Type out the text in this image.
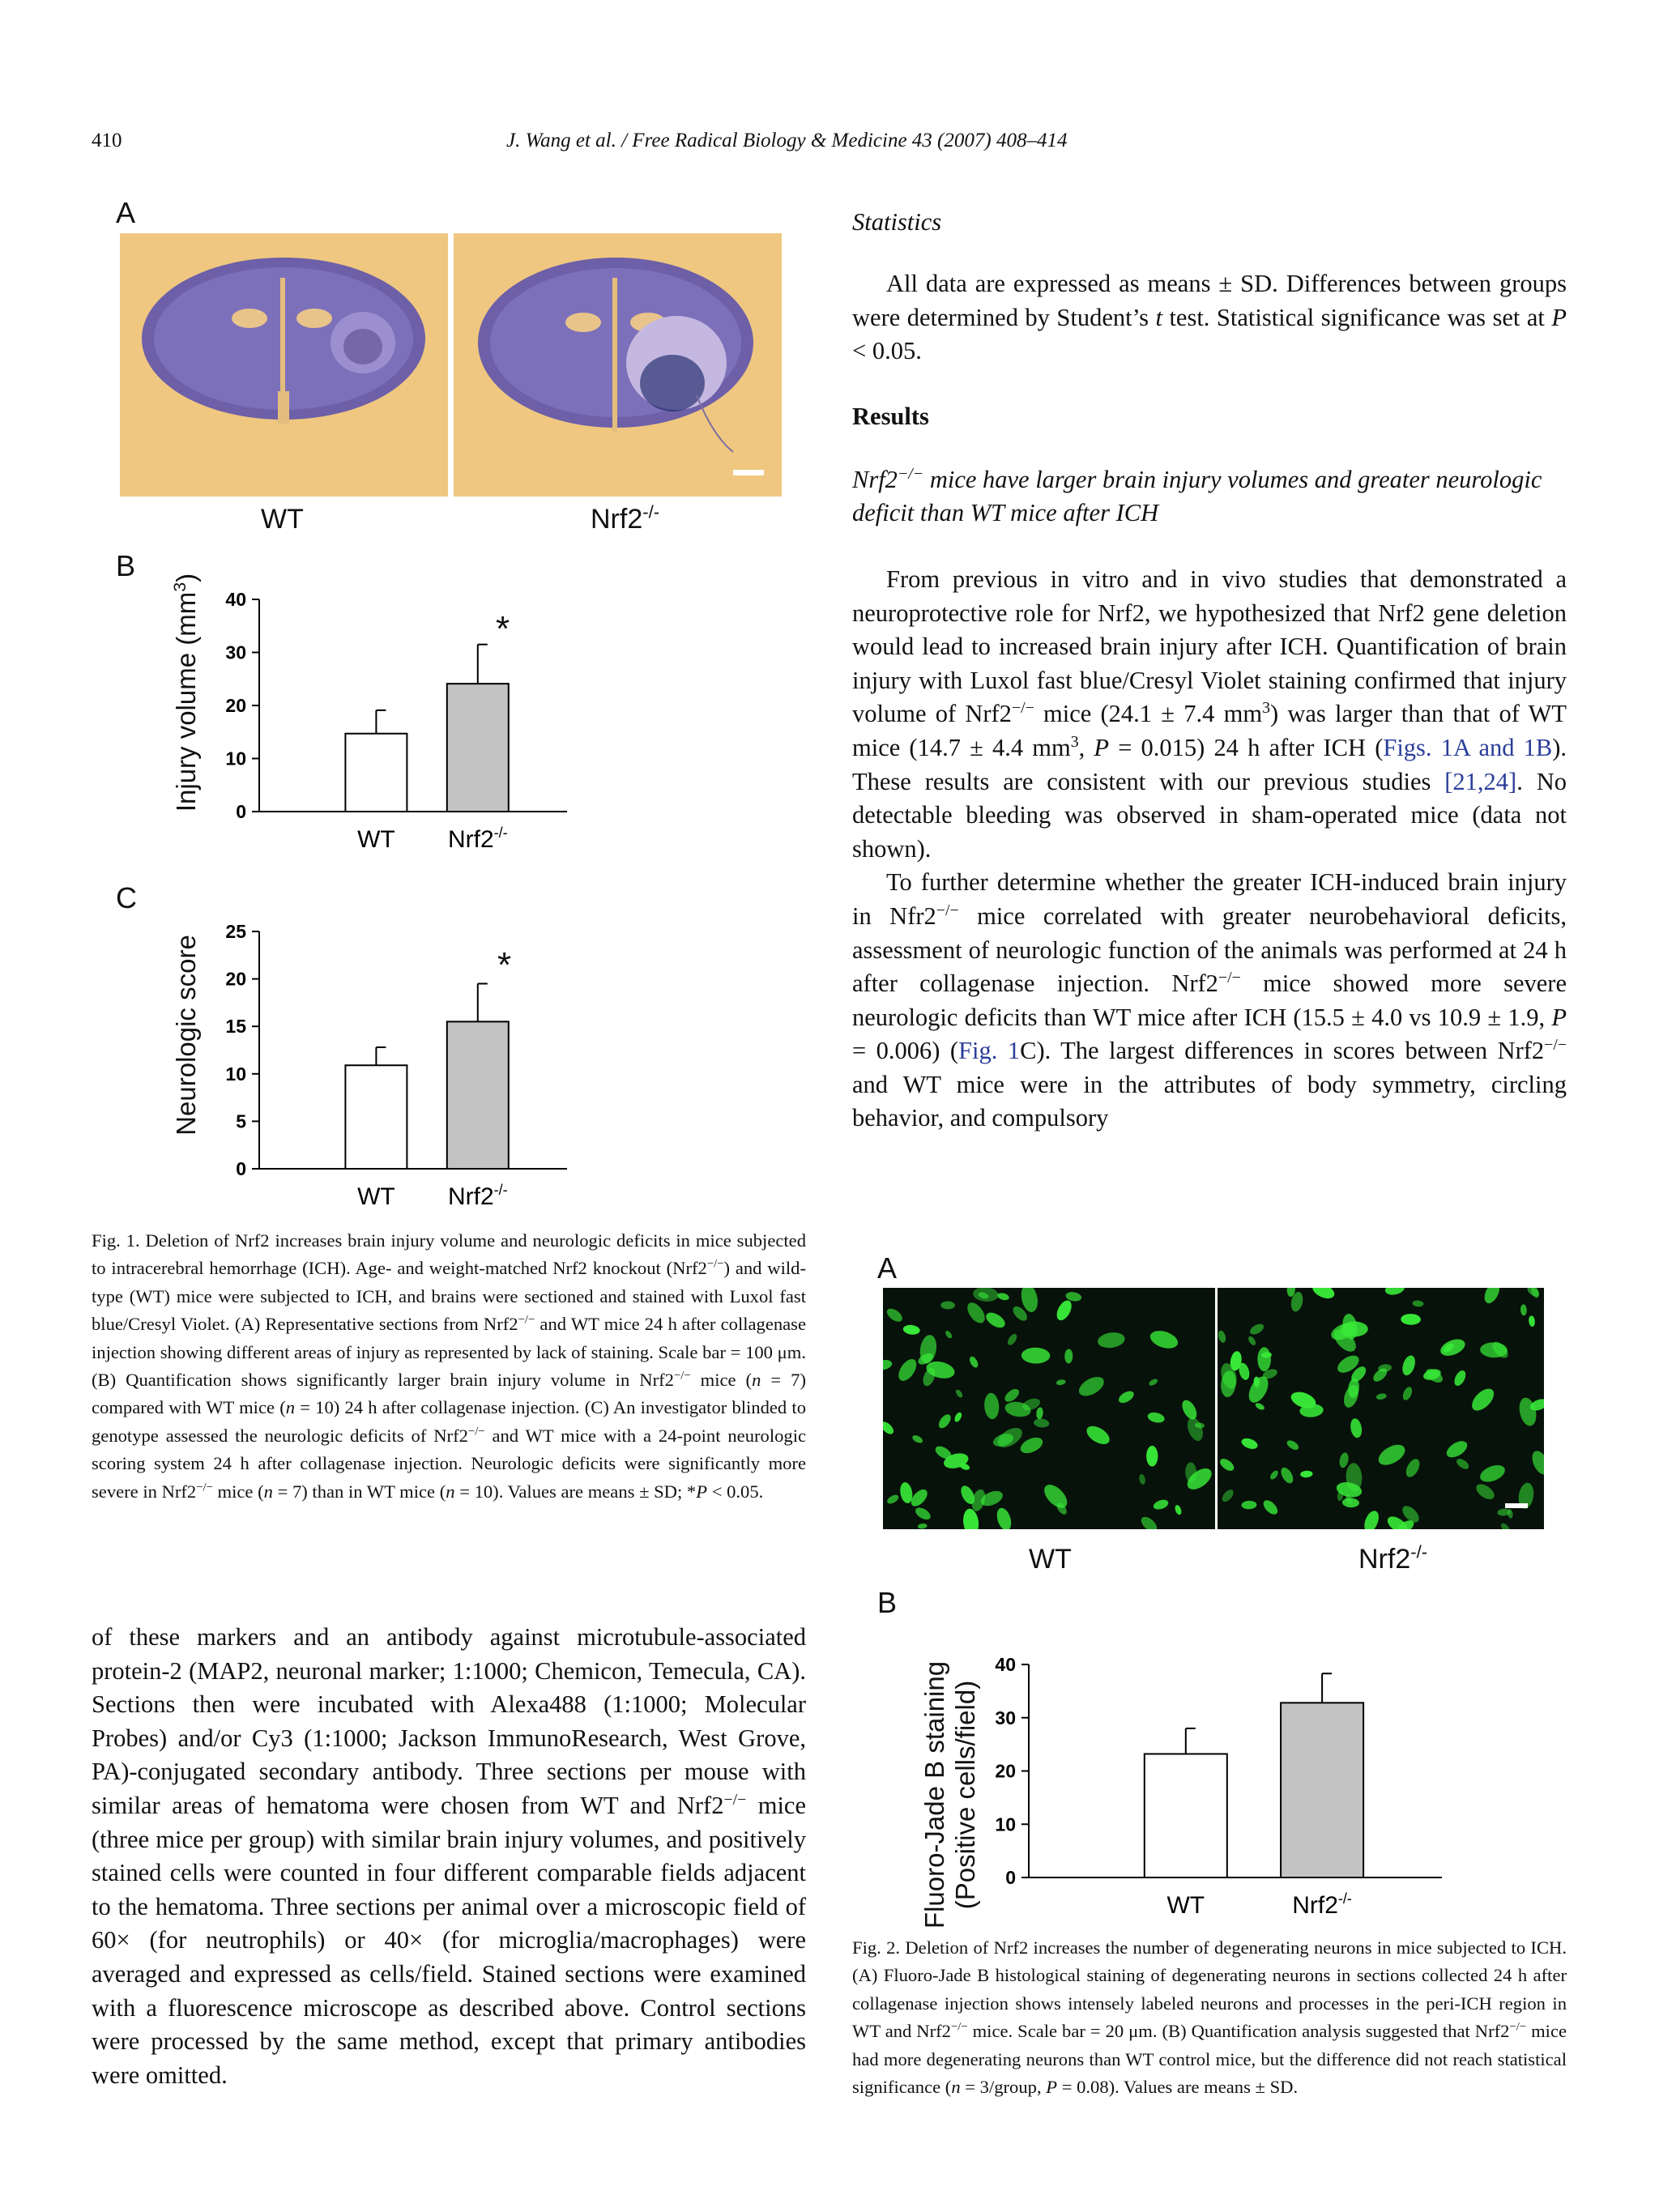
410	J. Wang et al. / Free Radical Biology & Medicine 43 (2007) 408–414
A
WT	Nrf2-/-
B
Injury volume $(mm^3)$
0
10
20
30
40
WT Nrf2-/-
*
C
Neurologic score
0
5
10
15
20
25
WT Nrf2-/-
*
Fig. 1. Deletion of Nrf2 increases brain injury volume and neurologic deficits in mice subjected to intracerebral hemorrhage (ICH). Age- and weight-matched Nrf2 knockout (Nrf2−/−) and wild-type (WT) mice were subjected to ICH, and brains were sectioned and stained with Luxol fast blue/Cresyl Violet. (A) Representative sections from Nrf2−/− and WT mice 24 h after collagenase injection showing different areas of injury as represented by lack of staining. Scale bar = 100 μm. (B) Quantification shows significantly larger brain injury volume in Nrf2−/− mice (n = 7) compared with WT mice (n = 10) 24 h after collagenase injection. (C) An investigator blinded to genotype assessed the neurologic deficits of Nrf2−/− and WT mice with a 24-point neurologic scoring system 24 h after collagenase injection. Neurologic deficits were significantly more severe in Nrf2−/− mice (n = 7) than in WT mice (n = 10). Values are means ± SD; *P < 0.05.

of these markers and an antibody against microtubule-associated protein-2 (MAP2, neuronal marker; 1:1000; Chemicon, Temecula, CA). Sections then were incubated with Alexa488 (1:1000; Molecular Probes) and/or Cy3 (1:1000; Jackson ImmunoResearch, West Grove, PA)-conjugated secondary antibody. Three sections per mouse with similar areas of hematoma were chosen from WT and Nrf2−/− mice (three mice per group) with similar brain injury volumes, and positively stained cells were counted in four different comparable fields adjacent to the hematoma. Three sections per animal over a microscopic field of 60× (for neutrophils) or 40× (for microglia/macrophages) were averaged and expressed as cells/field. Stained sections were examined with a fluorescence microscope as described above. Control sections were processed by the same method, except that primary antibodies were omitted.

Statistics
All data are expressed as means ± SD. Differences between groups were determined by Student’s t test. Statistical significance was set at P < 0.05.
Results
Nrf2−/− mice have larger brain injury volumes and greater neurologic deficit than WT mice after ICH

From previous in vitro and in vivo studies that demonstrated a neuroprotective role for Nrf2, we hypothesized that Nrf2 gene deletion would lead to increased brain injury after ICH. Quantification of brain injury with Luxol fast blue/Cresyl Violet staining confirmed that injury volume of Nrf2−/− mice (24.1 ± 7.4 $mm^3$) was larger than that of WT mice (14.7 ± 4.4 $mm^3$, P = 0.015) 24 h after ICH (Figs. 1A and 1B). These results are consistent with our previous studies [21,24]. No detectable bleeding was observed in sham-operated mice (data not shown).

To further determine whether the greater ICH-induced brain injury in Nfr2−/− mice correlated with greater neurobehavioral deficits, assessment of neurologic function of the animals was performed at 24 h after collagenase injection. Nrf2−/− mice showed more severe neurologic deficits than WT mice after ICH (15.5 ± 4.0 vs 10.9 ± 1.9, P = 0.006) (Fig. 1C). The largest differences in scores between Nrf2−/− and WT mice were in the attributes of body symmetry, circling behavior, and compulsory

A
WT	Nrf2-/-
B
Fluoro-Jade B staining (Positive cells/field) 0
10
20
30
40
WT	Nrf2-/-
Fig. 2. Deletion of Nrf2 increases the number of degenerating neurons in mice subjected to ICH. (A) Fluoro-Jade B histological staining of degenerating neurons in sections collected 24 h after collagenase injection shows intensely labeled neurons and processes in the peri-ICH region in WT and Nrf2−/− mice. Scale bar = 20 μm. (B) Quantification analysis suggested that Nrf2−/− mice had more degenerating neurons than WT control mice, but the difference did not reach statistical significance (n = 3/group, P = 0.08). Values are means ± SD.
